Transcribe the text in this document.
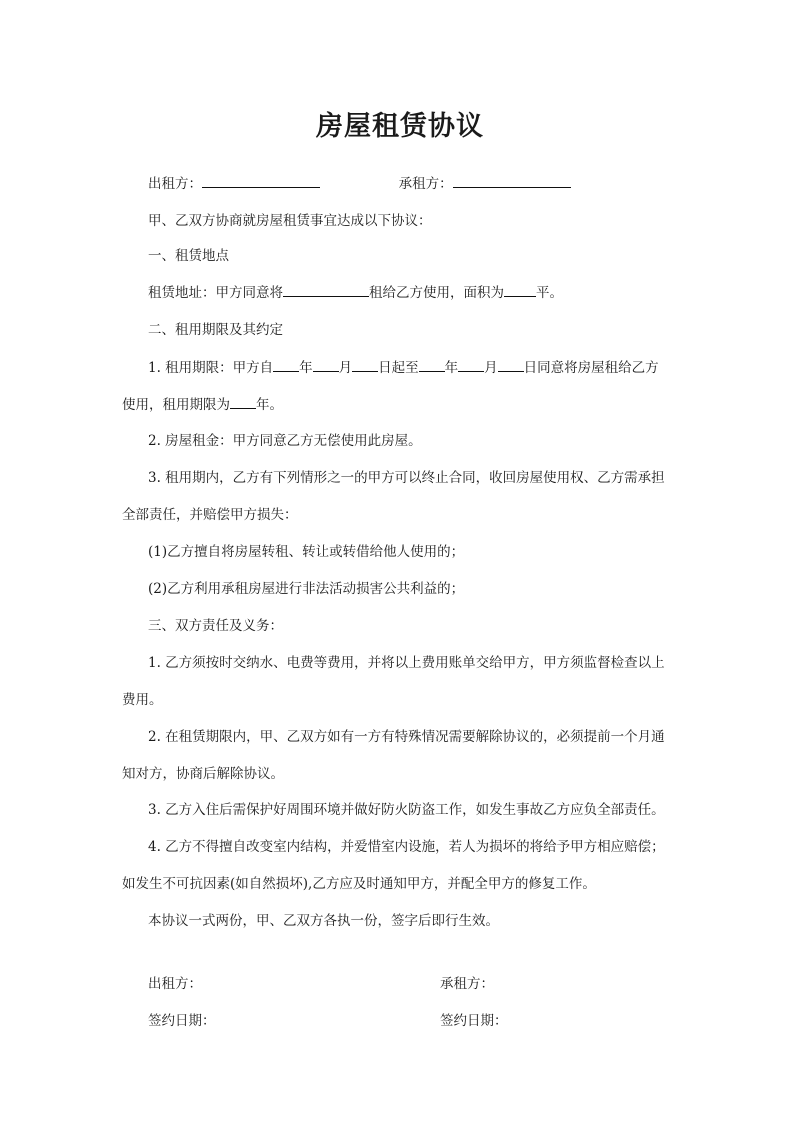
房屋租赁协议
出租方：	承租方：
甲、乙双方协商就房屋租赁事宜达成以下协议：
一、租赁地点
租赁地址：甲方同意将	租给乙方使用，面积为 平。
二、租用期限及其约定
1. 租用期限：甲方自 年 月 日起至 年 月 日同意将房屋租给乙方
使用，租用期限为 年。
2. 房屋租金：甲方同意乙方无偿使用此房屋。
3. 租用期内，乙方有下列情形之一的甲方可以终止合同，收回房屋使用权、乙方需承担
全部责任，并赔偿甲方损失：
(1)乙方擅自将房屋转租、转让或转借给他人使用的；
(2)乙方利用承租房屋进行非法活动损害公共利益的；
三、双方责任及义务：
1. 乙方须按时交纳水、电费等费用，并将以上费用账单交给甲方，甲方须监督检查以上
费用。
2. 在租赁期限内，甲、乙双方如有一方有特殊情况需要解除协议的，必须提前一个月通
知对方，协商后解除协议。
3. 乙方入住后需保护好周围环境并做好防火防盗工作，如发生事故乙方应负全部责任。
4. 乙方不得擅自改变室内结构，并爱惜室内设施，若人为损坏的将给予甲方相应赔偿；
如发生不可抗因素(如自然损坏),乙方应及时通知甲方，并配全甲方的修复工作。
本协议一式两份，甲、乙双方各执一份，签字后即行生效。
出租方：	承租方：
签约日期：	签约日期：
